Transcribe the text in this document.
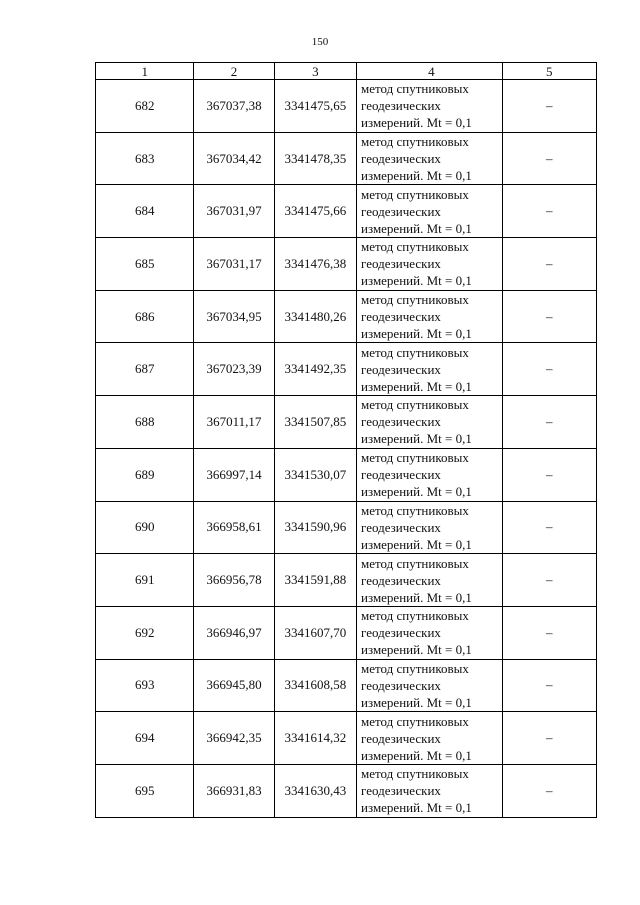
150
1	2	3	4	5
682	367037,38	3341475,65	метод спутниковых
геодезических
измерений. Mt = 0,1	–
683	367034,42	3341478,35	метод спутниковых
геодезических
измерений. Mt = 0,1	–
684	367031,97	3341475,66	метод спутниковых
геодезических
измерений. Mt = 0,1	–
685	367031,17	3341476,38	метод спутниковых
геодезических
измерений. Mt = 0,1	–
686	367034,95	3341480,26	метод спутниковых
геодезических
измерений. Mt = 0,1	–
687	367023,39	3341492,35	метод спутниковых
геодезических
измерений. Mt = 0,1	–
688	367011,17	3341507,85	метод спутниковых
геодезических
измерений. Mt = 0,1	–
689	366997,14	3341530,07	метод спутниковых
геодезических
измерений. Mt = 0,1	–
690	366958,61	3341590,96	метод спутниковых
геодезических
измерений. Mt = 0,1	–
691	366956,78	3341591,88	метод спутниковых
геодезических
измерений. Mt = 0,1	–
692	366946,97	3341607,70	метод спутниковых
геодезических
измерений. Mt = 0,1	–
693	366945,80	3341608,58	метод спутниковых
геодезических
измерений. Mt = 0,1	–
694	366942,35	3341614,32	метод спутниковых
геодезических
измерений. Mt = 0,1	–
695	366931,83	3341630,43	метод спутниковых
геодезических
измерений. Mt = 0,1	–
